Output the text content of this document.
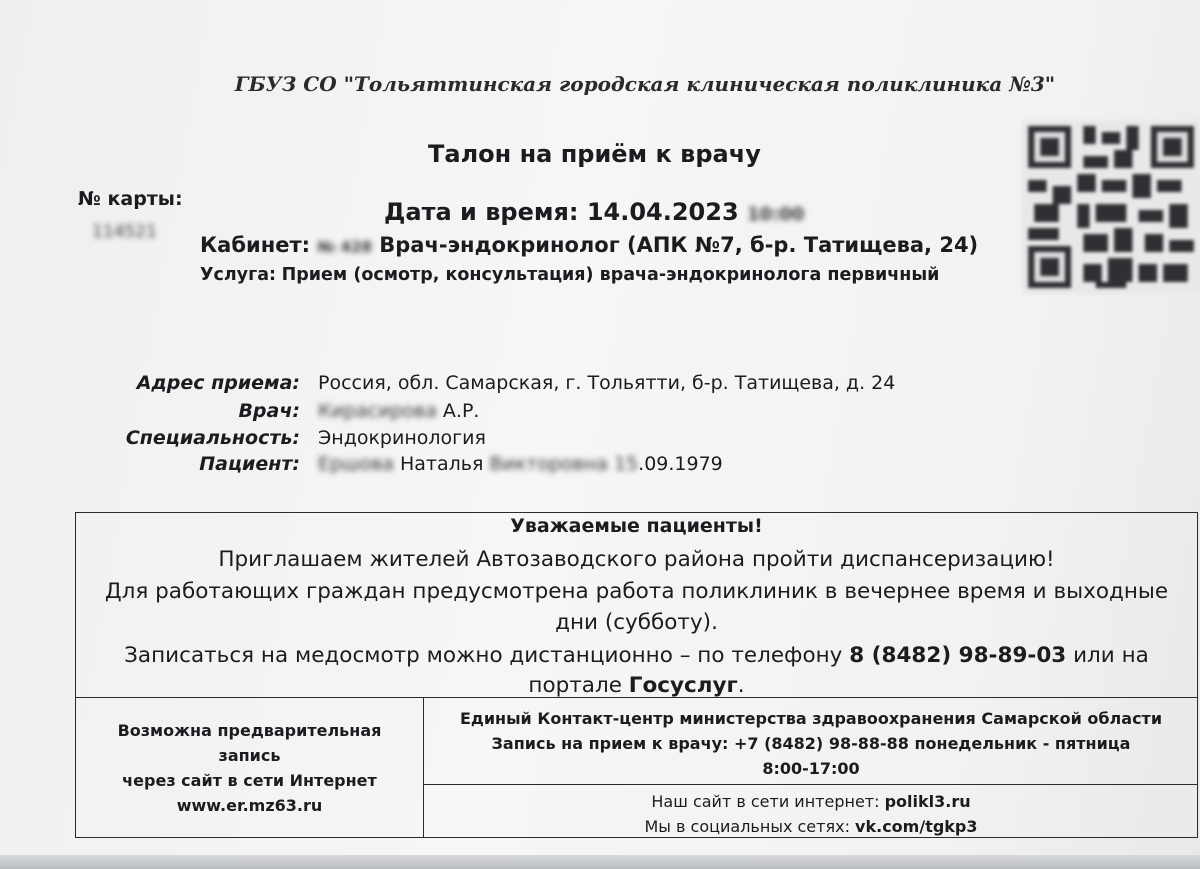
ГБУЗ СО "Тольяттинская городская клиническая поликлиника №3"
Талон на приём к врачу
№ карты:
114521
Дата и время: 14.04.2023 10:00
Кабинет: № 428 Врач-эндокринолог (АПК №7, б-р. Татищева, 24)
Услуга: Прием (осмотр, консультация) врача-эндокринолога первичный
Адрес приема: Россия, обл. Самарская, г. Тольятти, б-р. Татищева, д. 24
Врач: Кирасирова А.Р.
Специальность: Эндокринология
Пациент: Ершова Наталья Викторовна 15.09.1979
Уважаемые пациенты!
Приглашаем жителей Автозаводского района пройти диспансеризацию!
Для работающих граждан предусмотрена работа поликлиник в вечернее время и выходные
дни (субботу).
Записаться на медосмотр можно дистанционно – по телефону 8 (8482) 98-89-03 или на
портале Госуслуг.
Возможна предварительная
запись
через сайт в сети Интернет
www.er.mz63.ru
Единый Контакт-центр министерства здравоохранения Самарской области
Запись на прием к врачу: +7 (8482) 98-88-88 понедельник - пятница
8:00-17:00
Наш сайт в сети интернет: polikl3.ru
Мы в социальных сетях: vk.com/tgkp3
